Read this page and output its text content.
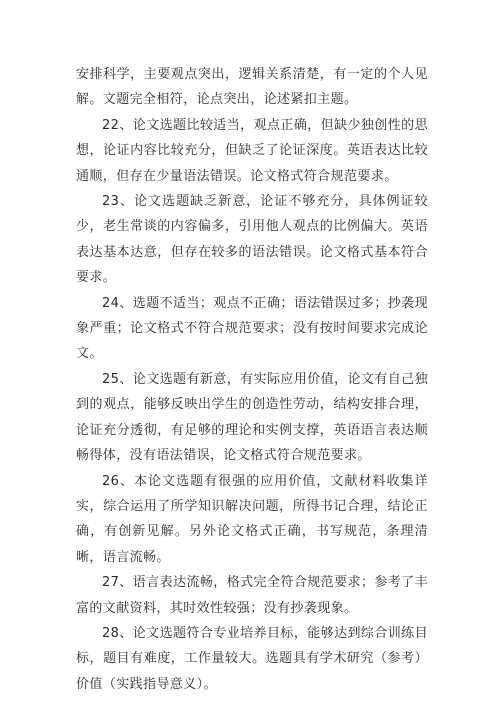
安排科学，主要观点突出，逻辑关系清楚，有一定的个人见解。文题完全相符，论点突出，论述紧扣主题。

22、论文选题比较适当，观点正确，但缺少独创性的思想，论证内容比较充分，但缺乏了论证深度。英语表达比较通顺，但存在少量语法错误。论文格式符合规范要求。

23、论文选题缺乏新意，论证不够充分，具体例证较少，老生常谈的内容偏多，引用他人观点的比例偏大。英语表达基本达意，但存在较多的语法错误。论文格式基本符合要求。

24、选题不适当；观点不正确；语法错误过多；抄袭现象严重；论文格式不符合规范要求；没有按时间要求完成论文。

25、论文选题有新意，有实际应用价值，论文有自己独到的观点，能够反映出学生的创造性劳动，结构安排合理，论证充分透彻，有足够的理论和实例支撑，英语语言表达顺畅得体，没有语法错误，论文格式符合规范要求。

26、本论文选题有很强的应用价值，文献材料收集详实，综合运用了所学知识解决问题，所得书记合理，结论正确，有创新见解。另外论文格式正确，书写规范，条理清晰，语言流畅。

27、语言表达流畅，格式完全符合规范要求；参考了丰富的文献资料，其时效性较强；没有抄袭现象。

28、论文选题符合专业培养目标，能够达到综合训练目标，题目有难度，工作量较大。选题具有学术研究（参考）价值（实践指导意义）。
